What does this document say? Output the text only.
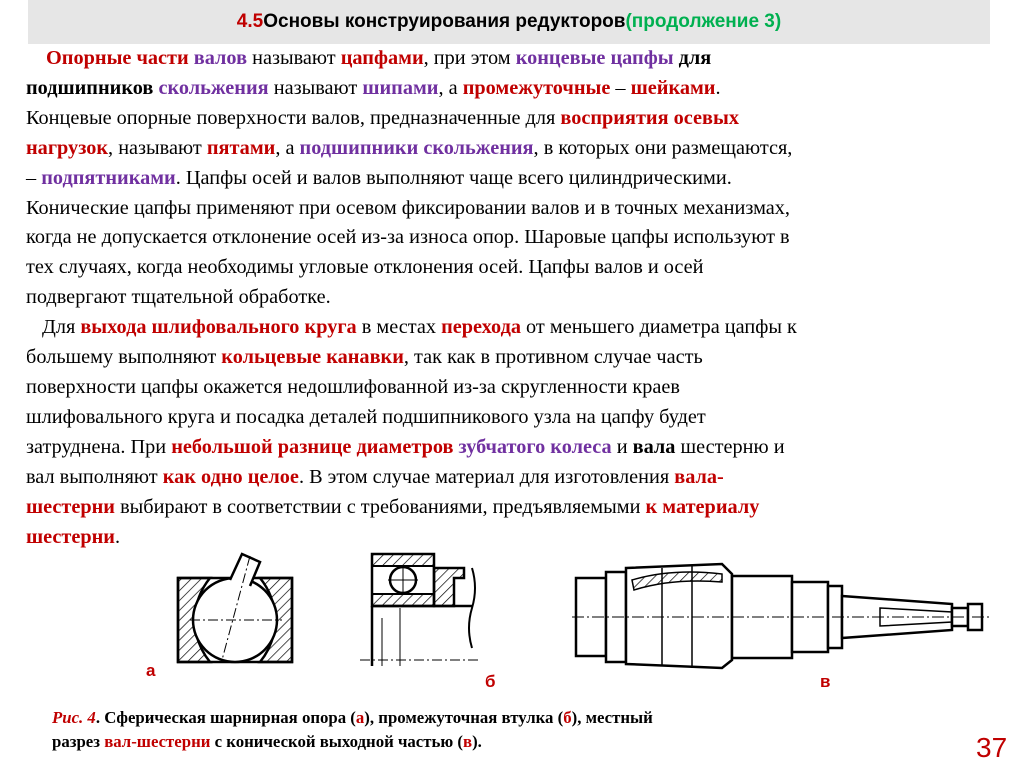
4.5 Основы конструирования редукторов (продолжение 3)

Опорные части валов называют цапфами, при этом концевые цапфы для

подшипников скольжения называют шипами, а промежуточные – шейками.

Концевые опорные поверхности валов, предназначенные для восприятия осевых

нагрузок, называют пятами, а подшипники скольжения, в которых они размещаются,

– подпятниками. Цапфы осей и валов выполняют чаще всего цилиндрическими.

Конические цапфы применяют при осевом фиксировании валов и в точных механизмах,

когда не допускается отклонение осей из-за износа опор. Шаровые цапфы используют в

тех случаях, когда необходимы угловые отклонения осей. Цапфы валов и осей

подвергают тщательной обработке.

Для выхода шлифовального круга в местах перехода от меньшего диаметра цапфы к

большему выполняют кольцевые канавки, так как в противном случае часть

поверхности цапфы окажется недошлифованной из-за скругленности краев

шлифовального круга и посадка деталей подшипникового узла на цапфу будет

затруднена. При небольшой разнице диаметров зубчатого колеса и вала шестерню и

вал выполняют как одно целое. В этом случае материал для изготовления вала-

шестерни выбирают в соответствии с требованиями, предъявляемыми к материалу

шестерни.

а
б	в

Рис. 4. Сферическая шарнирная опора (а), промежуточная втулка (б), местный

разрез вал-шестерни с конической выходной частью (в).	37
